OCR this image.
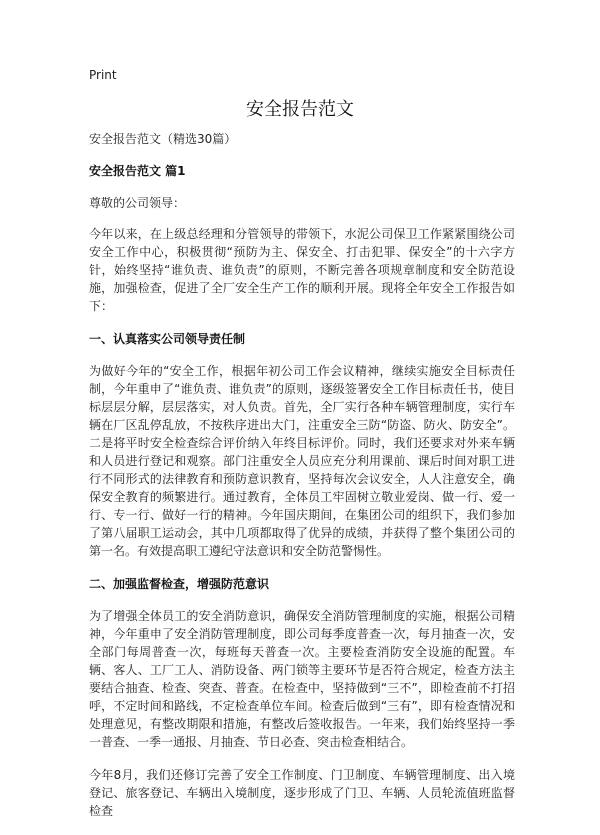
Print
安全报告范文

安全报告范文（精选30篇）

安全报告范文 篇1

尊敬的公司领导：

今年以来，在上级总经理和分管领导的带领下，水泥公司保卫工作紧紧围绕公司安全工作中心，积极贯彻“预防为主、保安全、打击犯罪、保安全”的十六字方针，始终坚持“谁负责、谁负责”的原则，不断完善各项规章制度和安全防范设施，加强检查，促进了全厂安全生产工作的顺利开展。现将全年安全工作报告如下：

一、认真落实公司领导责任制

为做好今年的“安全工作，根据年初公司工作会议精神，继续实施安全目标责任制，今年重申了“谁负责、谁负责”的原则，逐级签署安全工作目标责任书，使目标层层分解，层层落实，对人负责。首先，全厂实行各种车辆管理制度，实行车辆在厂区乱停乱放，不按秩序进出大门，注重安全三防“防盗、防火、防安全”。二是将平时安全检查综合评价纳入年终目标评价。同时，我们还要求对外来车辆和人员进行登记和观察。部门注重安全人员应充分利用课前、课后时间对职工进行不同形式的法律教育和预防意识教育，坚持每次会议安全，人人注意安全，确保安全教育的频繁进行。通过教育，全体员工牢固树立敬业爱岗、做一行、爱一行、专一行、做好一行的精神。今年国庆期间，在集团公司的组织下，我们参加了第八届职工运动会，其中几项都取得了优异的成绩，并获得了整个集团公司的第一名。有效提高职工遵纪守法意识和安全防范警惕性。

二、加强监督检查，增强防范意识

为了增强全体员工的安全消防意识，确保安全消防管理制度的实施，根据公司精神，今年重申了安全消防管理制度，即公司每季度普查一次，每月抽查一次，安全部门每周普查一次，每班每天普查一次。主要检查消防安全设施的配置。车辆、客人、工厂工人、消防设备、两门锁等主要环节是否符合规定，检查方法主要结合抽查、检查、突查、普查。在检查中，坚持做到“三不”，即检查前不打招呼，不定时间和路线，不定检查单位车间。检查后做到“三有”，即有检查情况和处理意见，有整改期限和措施，有整改后签收报告。一年来，我们始终坚持一季一普查、一季一通报、月抽查、节日必查、突击检查相结合。

今年8月，我们还修订完善了安全工作制度、门卫制度、车辆管理制度、出入境登记、旅客登记、车辆出入境制度，逐步形成了门卫、车辆、人员轮流值班监督检查
